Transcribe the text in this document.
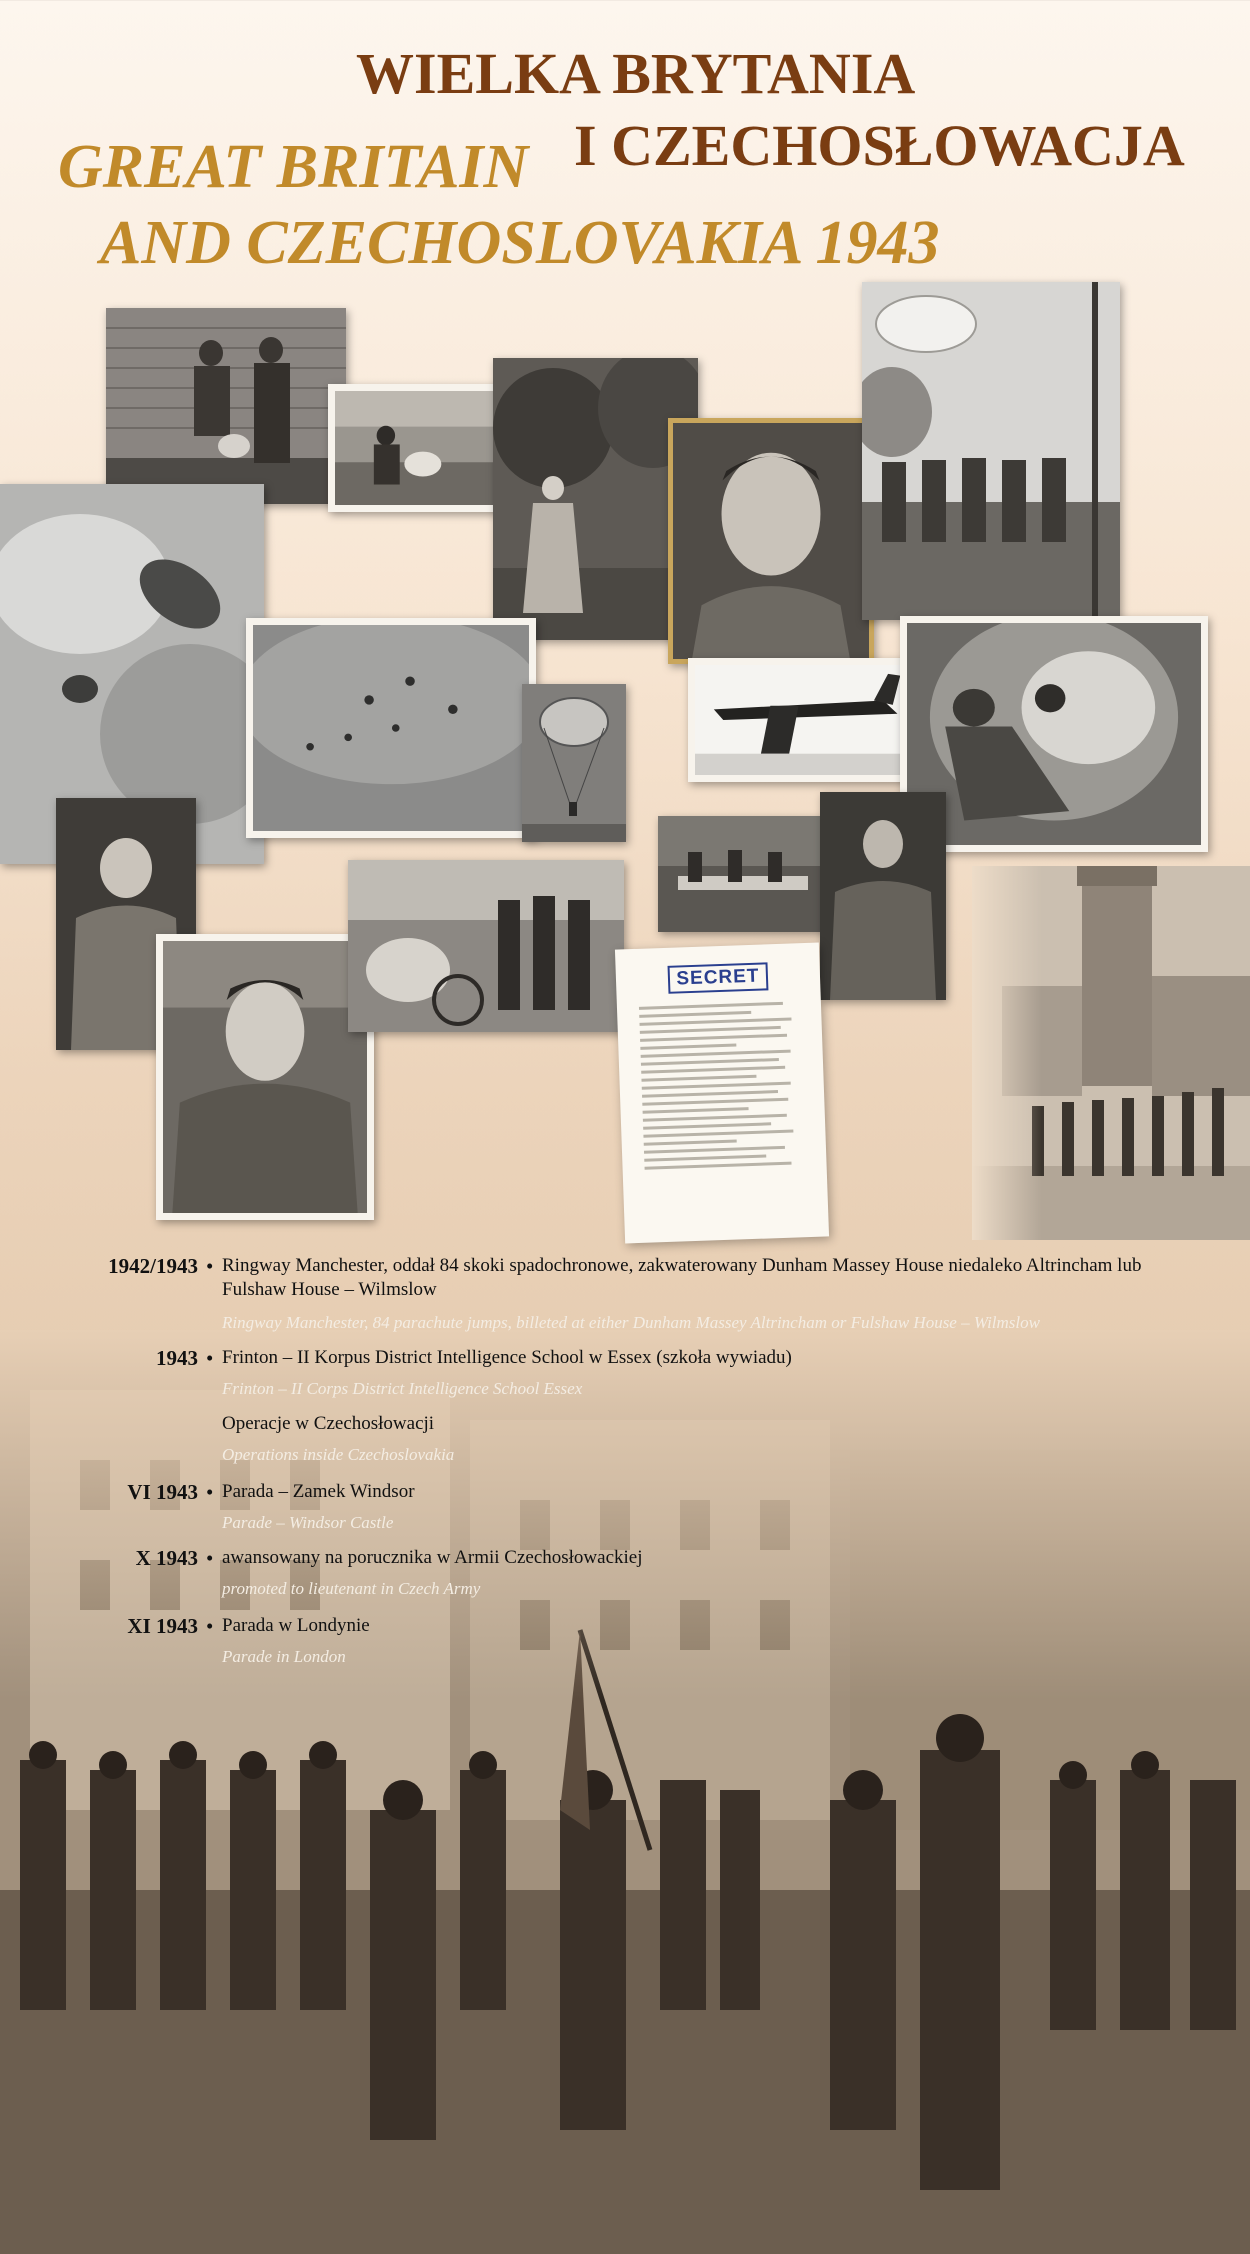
WIELKA BRYTANIA
I CZECHOSŁOWACJA
GREAT BRITAIN
AND CZECHOSLOVAKIA 1943
SECRET
1942/1943 • Ringway Manchester, oddał 84 skoki spadochronowe, zakwaterowany Dunham Massey House niedaleko Altrincham lub Fulshaw House – Wilmslow
Ringway Manchester, 84 parachute jumps, billeted at either Dunham Massey Altrincham or Fulshaw House – Wilmslow
1943 • Frinton – II Korpus District Intelligence School w Essex (szkoła wywiadu)
Frinton – II Corps District Intelligence School Essex
Operacje w Czechosłowacji
Operations inside Czechoslovakia
VI 1943 • Parada – Zamek Windsor
Parade – Windsor Castle
X 1943 • awansowany na porucznika w Armii Czechosłowackiej
promoted to lieutenant in Czech Army
XI 1943 • Parada w Londynie
Parade in London
